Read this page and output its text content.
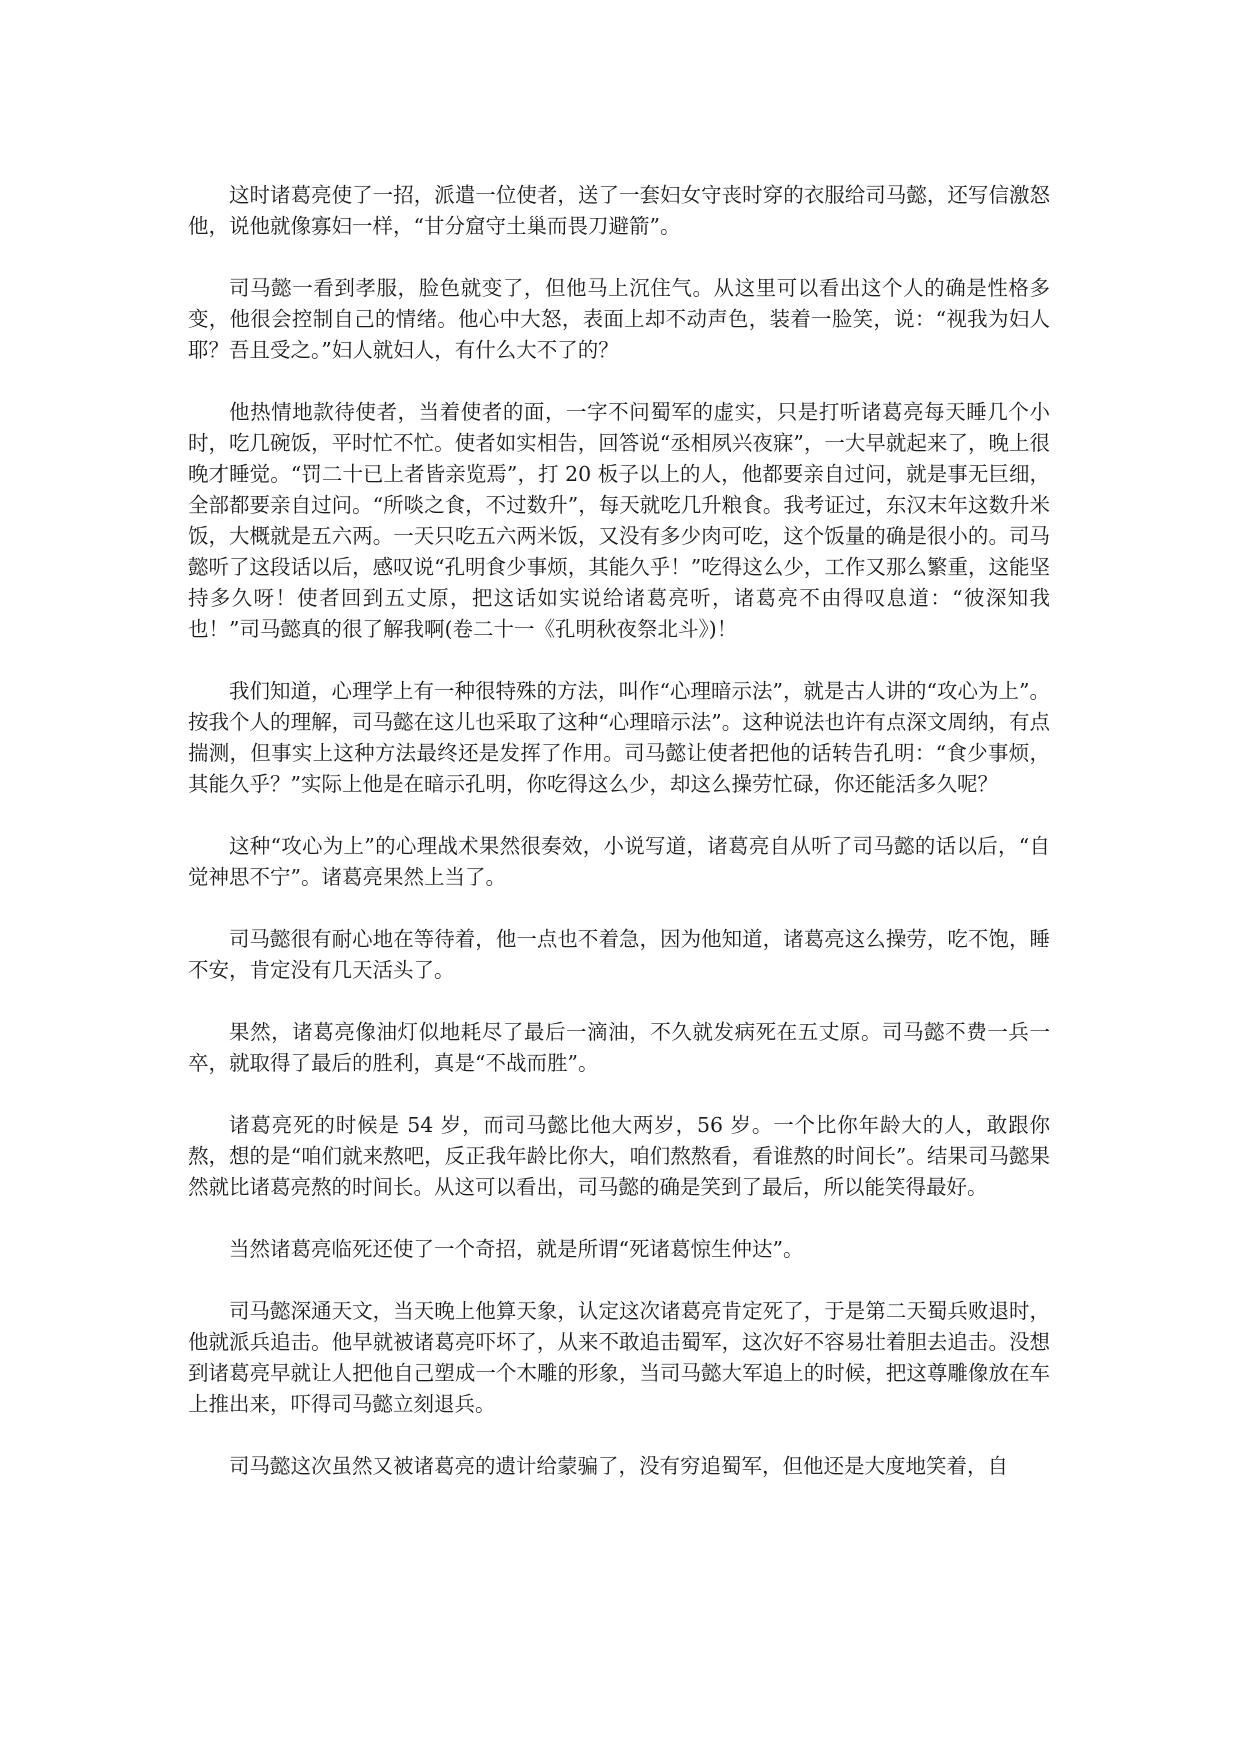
这时诸葛亮使了一招，派遣一位使者，送了一套妇女守丧时穿的衣服给司马懿，还写信激怒他，说他就像寡妇一样，“甘分窟守土巢而畏刀避箭”。

司马懿一看到孝服，脸色就变了，但他马上沉住气。从这里可以看出这个人的确是性格多变，他很会控制自己的情绪。他心中大怒，表面上却不动声色，装着一脸笑，说：“视我为妇人耶？吾且受之。”妇人就妇人，有什么大不了的？

他热情地款待使者，当着使者的面，一字不问蜀军的虚实，只是打听诸葛亮每天睡几个小时，吃几碗饭，平时忙不忙。使者如实相告，回答说“丞相夙兴夜寐”，一大早就起来了，晚上很晚才睡觉。“罚二十已上者皆亲览焉”，打 20 板子以上的人，他都要亲自过问，就是事无巨细，全部都要亲自过问。“所啖之食，不过数升”，每天就吃几升粮食。我考证过，东汉末年这数升米饭，大概就是五六两。一天只吃五六两米饭，又没有多少肉可吃，这个饭量的确是很小的。司马懿听了这段话以后，感叹说“孔明食少事烦，其能久乎！”吃得这么少，工作又那么繁重，这能坚持多久呀！使者回到五丈原，把这话如实说给诸葛亮听，诸葛亮不由得叹息道：“彼深知我也！”司马懿真的很了解我啊(卷二十一《孔明秋夜祭北斗》)！

我们知道，心理学上有一种很特殊的方法，叫作“心理暗示法”，就是古人讲的“攻心为上”。按我个人的理解，司马懿在这儿也采取了这种“心理暗示法”。这种说法也许有点深文周纳，有点揣测，但事实上这种方法最终还是发挥了作用。司马懿让使者把他的话转告孔明：“食少事烦，其能久乎？”实际上他是在暗示孔明，你吃得这么少，却这么操劳忙碌，你还能活多久呢？

这种“攻心为上”的心理战术果然很奏效，小说写道，诸葛亮自从听了司马懿的话以后，“自觉神思不宁”。诸葛亮果然上当了。

司马懿很有耐心地在等待着，他一点也不着急，因为他知道，诸葛亮这么操劳，吃不饱，睡不安，肯定没有几天活头了。

果然，诸葛亮像油灯似地耗尽了最后一滴油，不久就发病死在五丈原。司马懿不费一兵一卒，就取得了最后的胜利，真是“不战而胜”。

诸葛亮死的时候是 54 岁，而司马懿比他大两岁，56 岁。一个比你年龄大的人，敢跟你熬，想的是“咱们就来熬吧，反正我年龄比你大，咱们熬熬看，看谁熬的时间长”。结果司马懿果然就比诸葛亮熬的时间长。从这可以看出，司马懿的确是笑到了最后，所以能笑得最好。

当然诸葛亮临死还使了一个奇招，就是所谓“死诸葛惊生仲达”。

司马懿深通天文，当天晚上他算天象，认定这次诸葛亮肯定死了，于是第二天蜀兵败退时，他就派兵追击。他早就被诸葛亮吓坏了，从来不敢追击蜀军，这次好不容易壮着胆去追击。没想到诸葛亮早就让人把他自己塑成一个木雕的形象，当司马懿大军追上的时候，把这尊雕像放在车上推出来，吓得司马懿立刻退兵。

司马懿这次虽然又被诸葛亮的遗计给蒙骗了，没有穷追蜀军，但他还是大度地笑着，自
